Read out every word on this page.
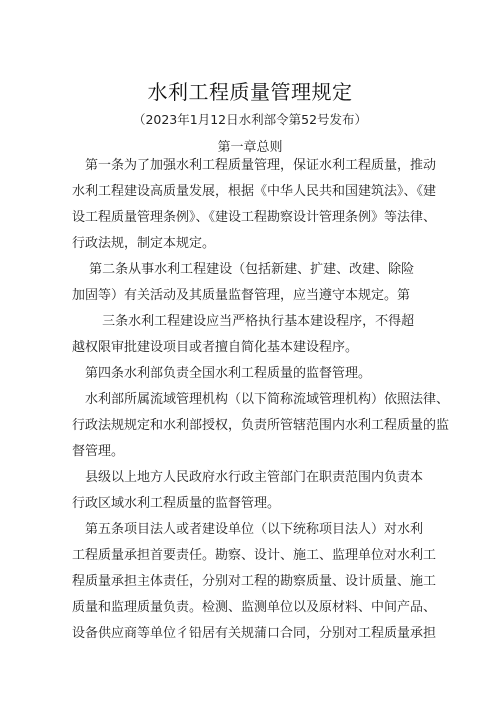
水利工程质量管理规定
（2023年1月12日水利部令第52号发布）
第一章总则
　第一条为了加强水利工程质量管理，保证水利工程质量，推动
水利工程建设高质量发展，根据《中华人民共和国建筑法》、《建
设工程质量管理条例》、《建设工程勘察设计管理条例》等法律、
行政法规，制定本规定。
　 第二条从事水利工程建设（包括新建、扩建、改建、除险
加固等）有关活动及其质量监督管理，应当遵守本规定。第
　　 三条水利工程建设应当严格执行基本建设程序，不得超
越权限审批建设项目或者擅自简化基本建设程序。
　第四条水利部负责全国水利工程质量的监督管理。
　水利部所属流域管理机构（以下简称流域管理机构）依照法律、
行政法规规定和水利部授权，负责所管辖范围内水利工程质量的监
督管理。
　县级以上地方人民政府水行政主管部门在职责范围内负责本
行政区域水利工程质量的监督管理。
　第五条项目法人或者建设单位（以下统称项目法人）对水利
工程质量承担首要责任。勘察、设计、施工、监理单位对水利工
程质量承担主体责任，分别对工程的勘察质量、设计质量、施工
质量和监理质量负责。检测、监测单位以及原材料、中间产品、
设备供应商等单位彳铅居有关规蒲口合同，分别对工程质量承担
